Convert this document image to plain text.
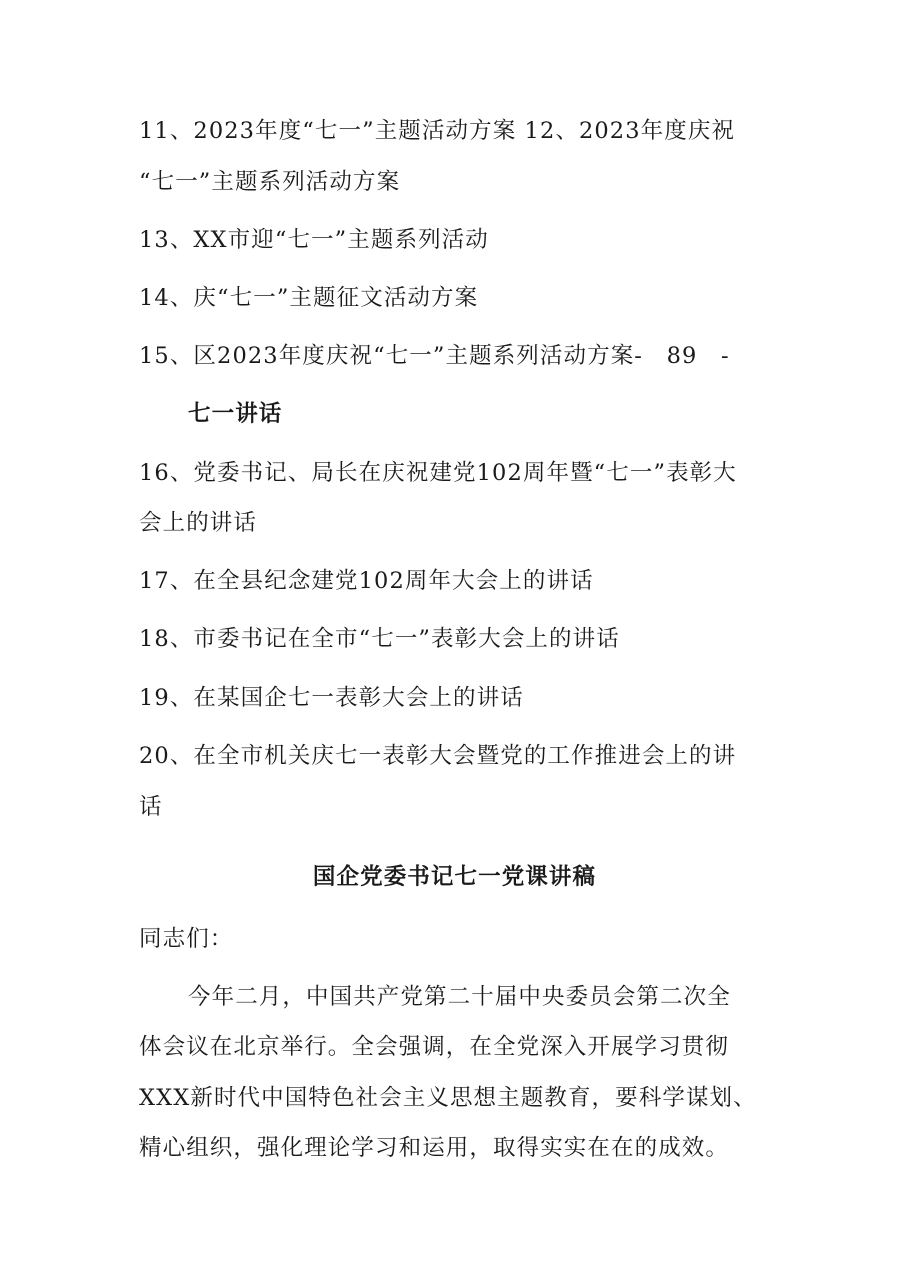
11、2023年度“七一”主题活动方案 12、2023年度庆祝
“七一”主题系列活动方案
13、XX市迎“七一”主题系列活动
14、庆“七一”主题征文活动方案
15、区2023年度庆祝“七一”主题系列活动方案-　89　-
七一讲话
16、党委书记、局长在庆祝建党102周年暨“七一”表彰大
会上的讲话
17、在全县纪念建党102周年大会上的讲话
18、市委书记在全市“七一”表彰大会上的讲话
19、在某国企七一表彰大会上的讲话
20、在全市机关庆七一表彰大会暨党的工作推进会上的讲
话
国企党委书记七一党课讲稿
同志们：
今年二月，中国共产党第二十届中央委员会第二次全
体会议在北京举行。全会强调，在全党深入开展学习贯彻
XXX新时代中国特色社会主义思想主题教育，要科学谋划、
精心组织，强化理论学习和运用，取得实实在在的成效。
